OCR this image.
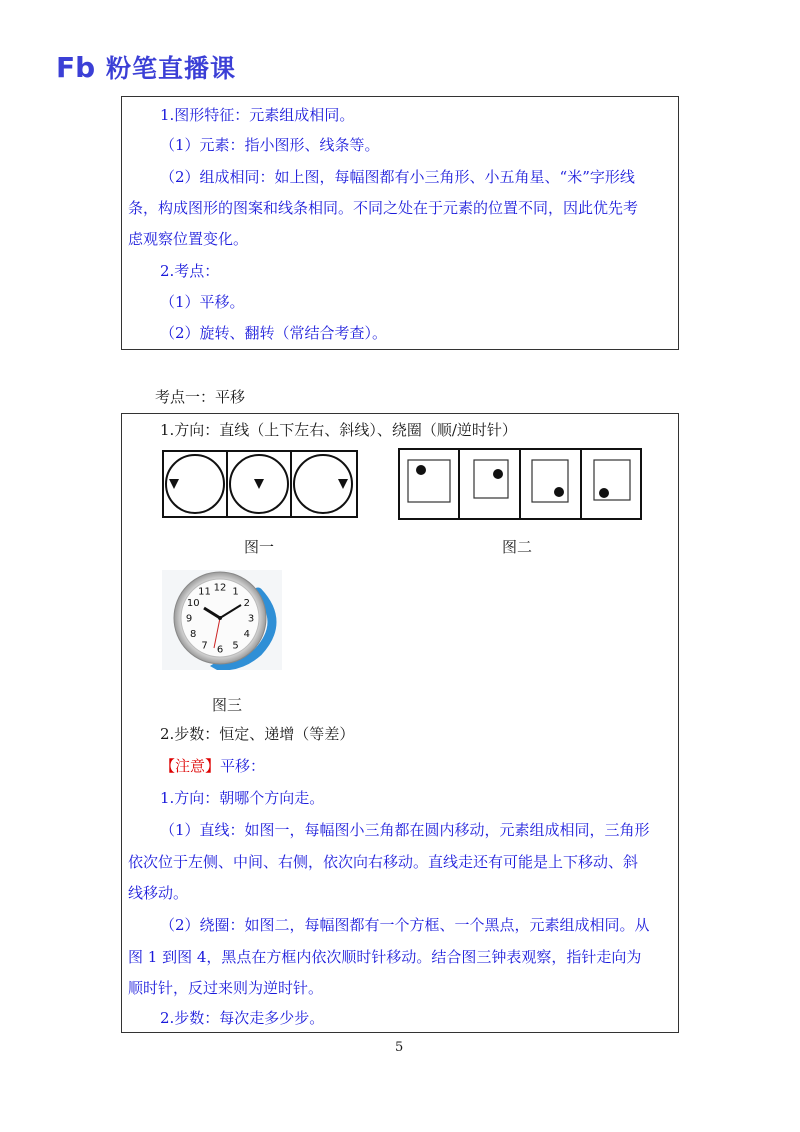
Fb 粉笔直播课
1.图形特征：元素组成相同。
（1）元素：指小图形、线条等。
（2）组成相同：如上图，每幅图都有小三角形、小五角星、“米”字形线
条，构成图形的图案和线条相同。不同之处在于元素的位置不同，因此优先考
虑观察位置变化。
2.考点：
（1）平移。
（2）旋转、翻转（常结合考查）。
考点一：平移
1.方向：直线（上下左右、斜线）、绕圈（顺/逆时针）
图一	图二
12 1
2
3
4
5
6
7
8
9
10
11
图三
2.步数：恒定、递增（等差）
【注意】平移：
1.方向：朝哪个方向走。
（1）直线：如图一，每幅图小三角都在圆内移动，元素组成相同，三角形
依次位于左侧、中间、右侧，依次向右移动。直线走还有可能是上下移动、斜
线移动。
（2）绕圈：如图二，每幅图都有一个方框、一个黑点，元素组成相同。从
图 1 到图 4，黑点在方框内依次顺时针移动。结合图三钟表观察，指针走向为
顺时针，反过来则为逆时针。
2.步数：每次走多少步。
5
